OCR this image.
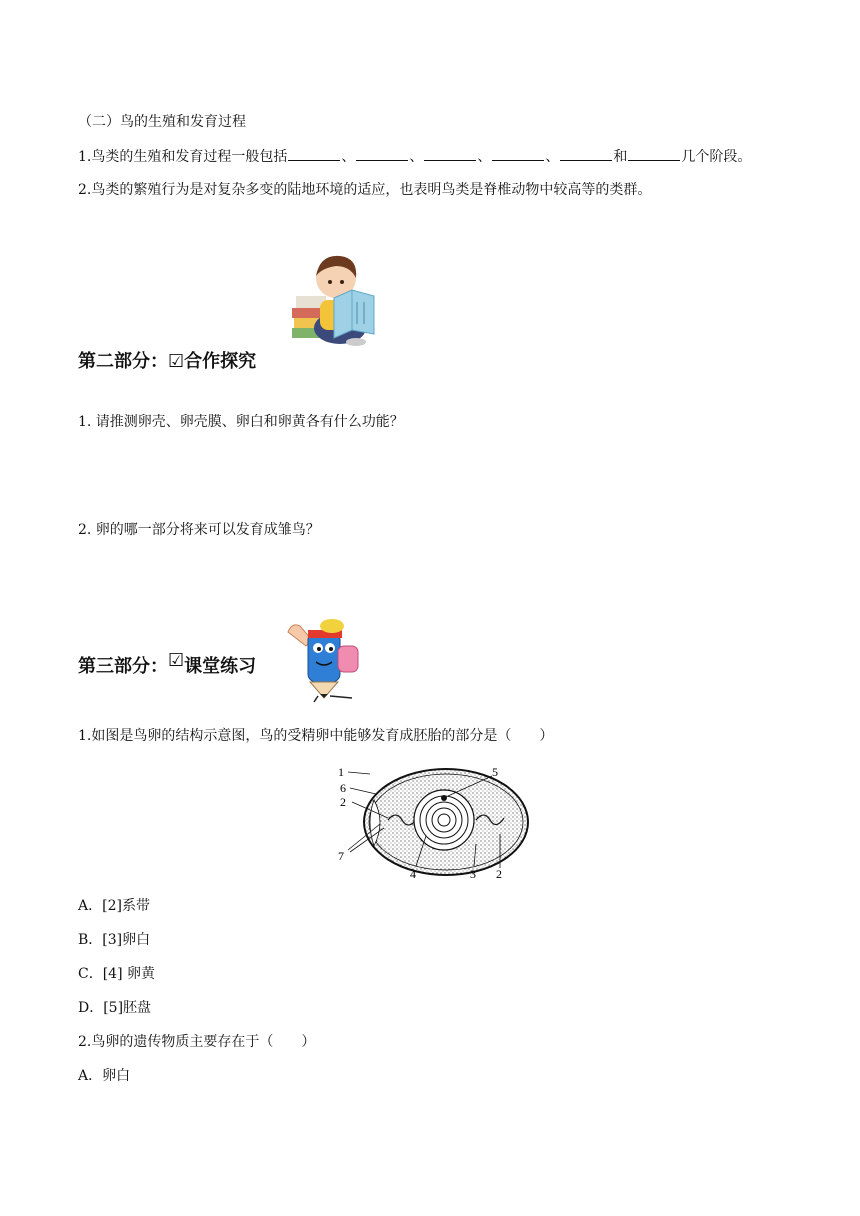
（二）鸟的生殖和发育过程
1.鸟类的生殖和发育过程一般包括	、	、	、	、	和	几个阶段。
2.鸟类的繁殖行为是对复杂多变的陆地环境的适应，也表明鸟类是脊椎动物中较高等的类群。
第二部分：☑合作探究
1. 请推测卵壳、卵壳膜、卵白和卵黄各有什么功能？
2. 卵的哪一部分将来可以发育成雏鸟？
第三部分：☑课堂练习
1.如图是鸟卵的结构示意图，鸟的受精卵中能够发育成胚胎的部分是（　　）
1
6
2
7
4	3 2
5
A．[2]系带
B．[3]卵白
C．[4] 卵黄
D．[5]胚盘
2.鸟卵的遗传物质主要存在于（　　）
A．卵白
